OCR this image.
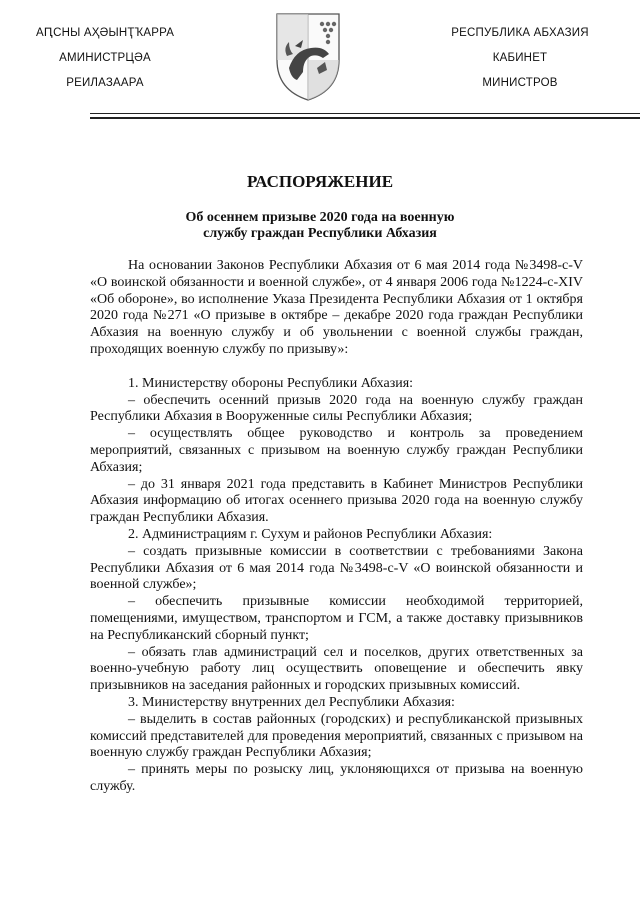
АԤСНЫ АҲӘЫНҬҠАРРА
АМИНИСТРЦӘА
РЕИЛАЗААРА
РЕСПУБЛИКА АБХАЗИЯ
КАБИНЕТ
МИНИСТРОВ
РАСПОРЯЖЕНИЕ
Об осеннем призыве 2020 года на военную
службу граждан Республики Абхазия

На основании Законов Республики Абхазия от 6 мая 2014 года №3498-с-V «О воинской обязанности и военной службе», от 4 января 2006 года №1224-с-XIV «Об обороне», во исполнение Указа Президента Республики Абхазия от 1 октября 2020 года №271 «О призыве в октябре – декабре 2020 года граждан Республики Абхазия на военную службу и об увольнении с военной службы граждан, проходящих военную службу по призыву»:

1. Министерству обороны Республики Абхазия:

– обеспечить осенний призыв 2020 года на военную службу граждан Республики Абхазия в Вооруженные силы Республики Абхазия;

– осуществлять общее руководство и контроль за проведением мероприятий, связанных с призывом на военную службу граждан Республики Абхазия;

– до 31 января 2021 года представить в Кабинет Министров Республики Абхазия информацию об итогах осеннего призыва 2020 года на военную службу граждан Республики Абхазия.

2. Администрациям г. Сухум и районов Республики Абхазия:

– создать призывные комиссии в соответствии с требованиями Закона Республики Абхазия от 6 мая 2014 года №3498-с-V «О воинской обязанности и военной службе»;

– обеспечить призывные комиссии необходимой территорией, помещениями, имуществом, транспортом и ГСМ, а также доставку призывников на Республиканский сборный пункт;

– обязать глав администраций сел и поселков, других ответственных за военно-учебную работу лиц осуществить оповещение и обеспечить явку призывников на заседания районных и городских призывных комиссий.

3. Министерству внутренних дел Республики Абхазия:

– выделить в состав районных (городских) и республиканской призывных комиссий представителей для проведения мероприятий, связанных с призывом на военную службу граждан Республики Абхазия;

– принять меры по розыску лиц, уклоняющихся от призыва на военную службу.
